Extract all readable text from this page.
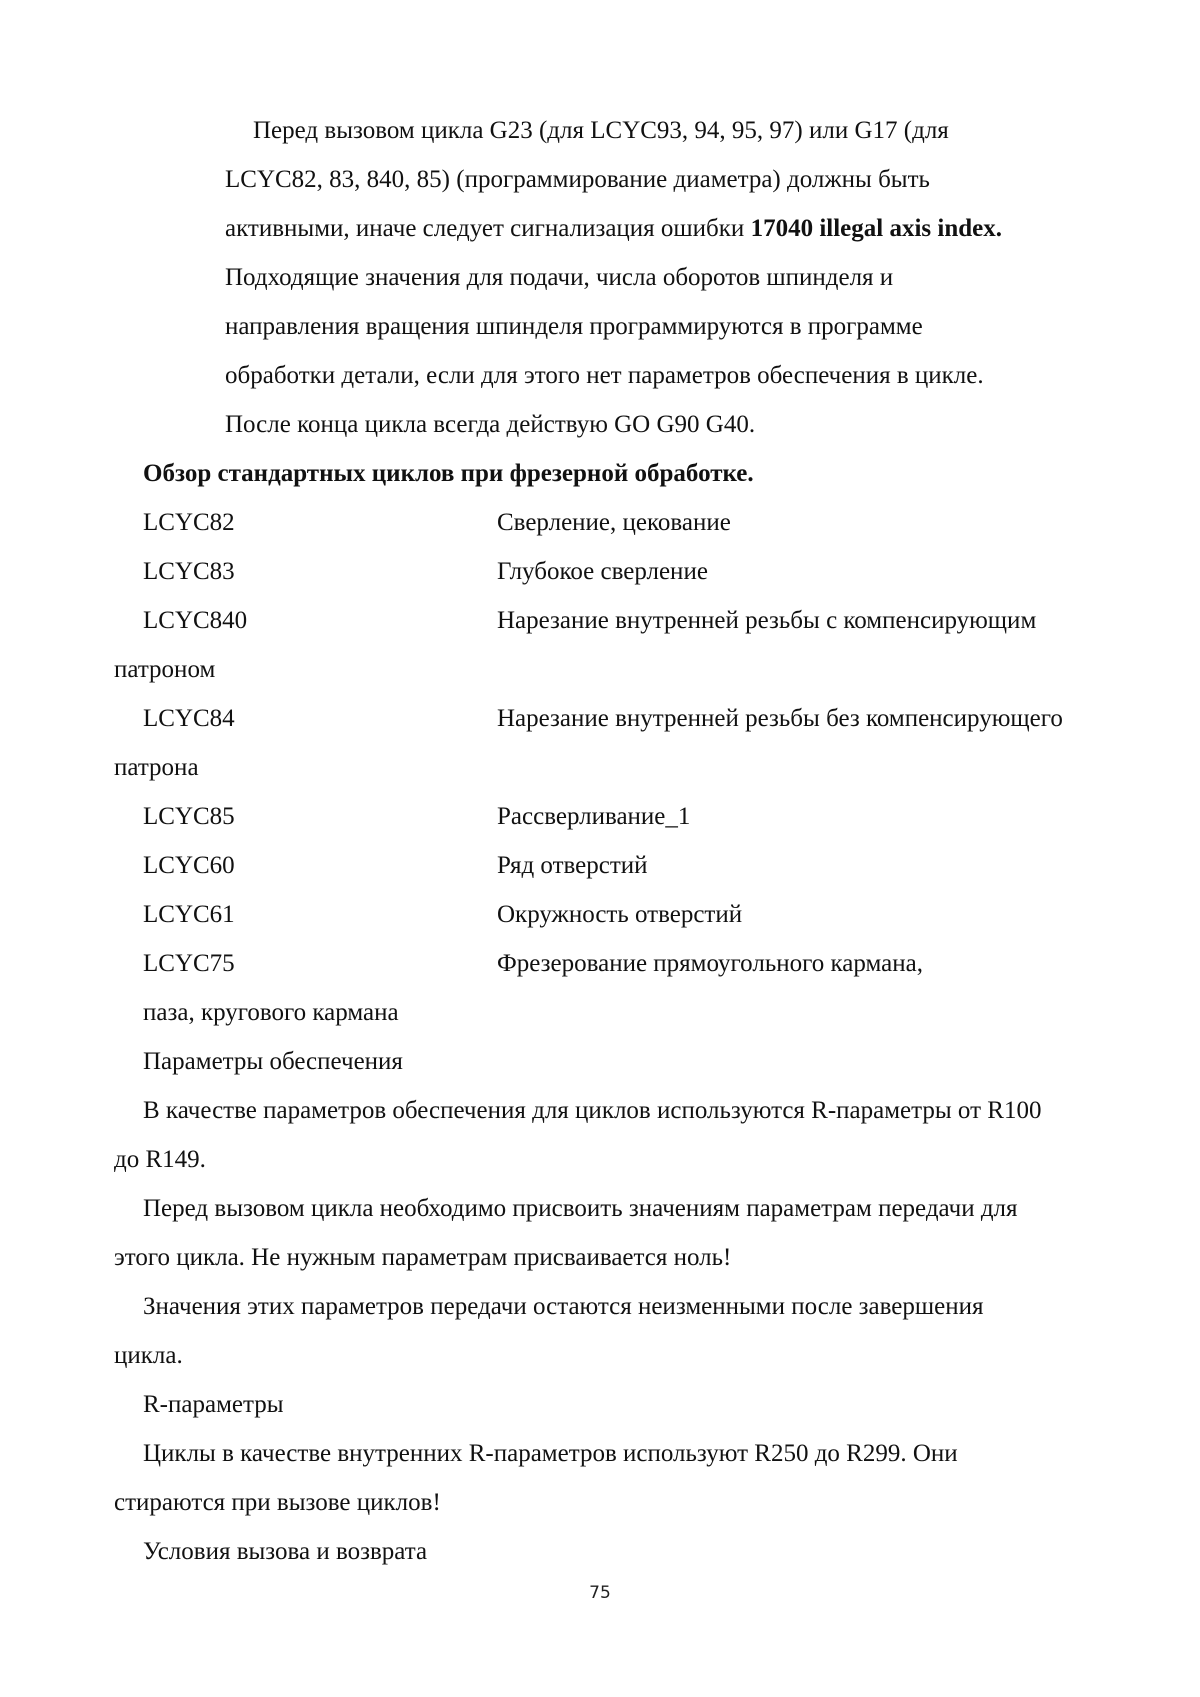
Перед вызовом цикла G23 (для LCYC93, 94, 95, 97) или G17 (для
LCYC82, 83, 840, 85) (программирование диаметра) должны быть
активными, иначе следует сигнализация ошибки 17040 illegal axis index.
Подходящие значения для подачи, числа оборотов шпинделя и
направления вращения шпинделя программируются в программе
обработки детали, если для этого нет параметров обеспечения в цикле.
После конца цикла всегда действую GO G90 G40.
Обзор стандартных циклов при фрезерной обработке.
LCYC82	Сверление, цекование
LCYC83	Глубокое сверление
LCYC840	Нарезание внутренней резьбы с компенсирующим
патроном
LCYC84	Нарезание внутренней резьбы без компенсирующего
патрона
LCYC85	Рассверливание_1
LCYC60	Ряд отверстий
LCYC61	Окружность отверстий
LCYC75	Фрезерование прямоугольного кармана,
паза, кругового кармана
Параметры обеспечения
В качестве параметров обеспечения для циклов используются R-параметры от R100
до R149.
Перед вызовом цикла необходимо присвоить значениям параметрам передачи для
этого цикла. Не нужным параметрам присваивается ноль!
Значения этих параметров передачи остаются неизменными после завершения
цикла.
R-параметры
Циклы в качестве внутренних R-параметров используют R250 до R299. Они
стираются при вызове циклов!
Условия вызова и возврата
75
